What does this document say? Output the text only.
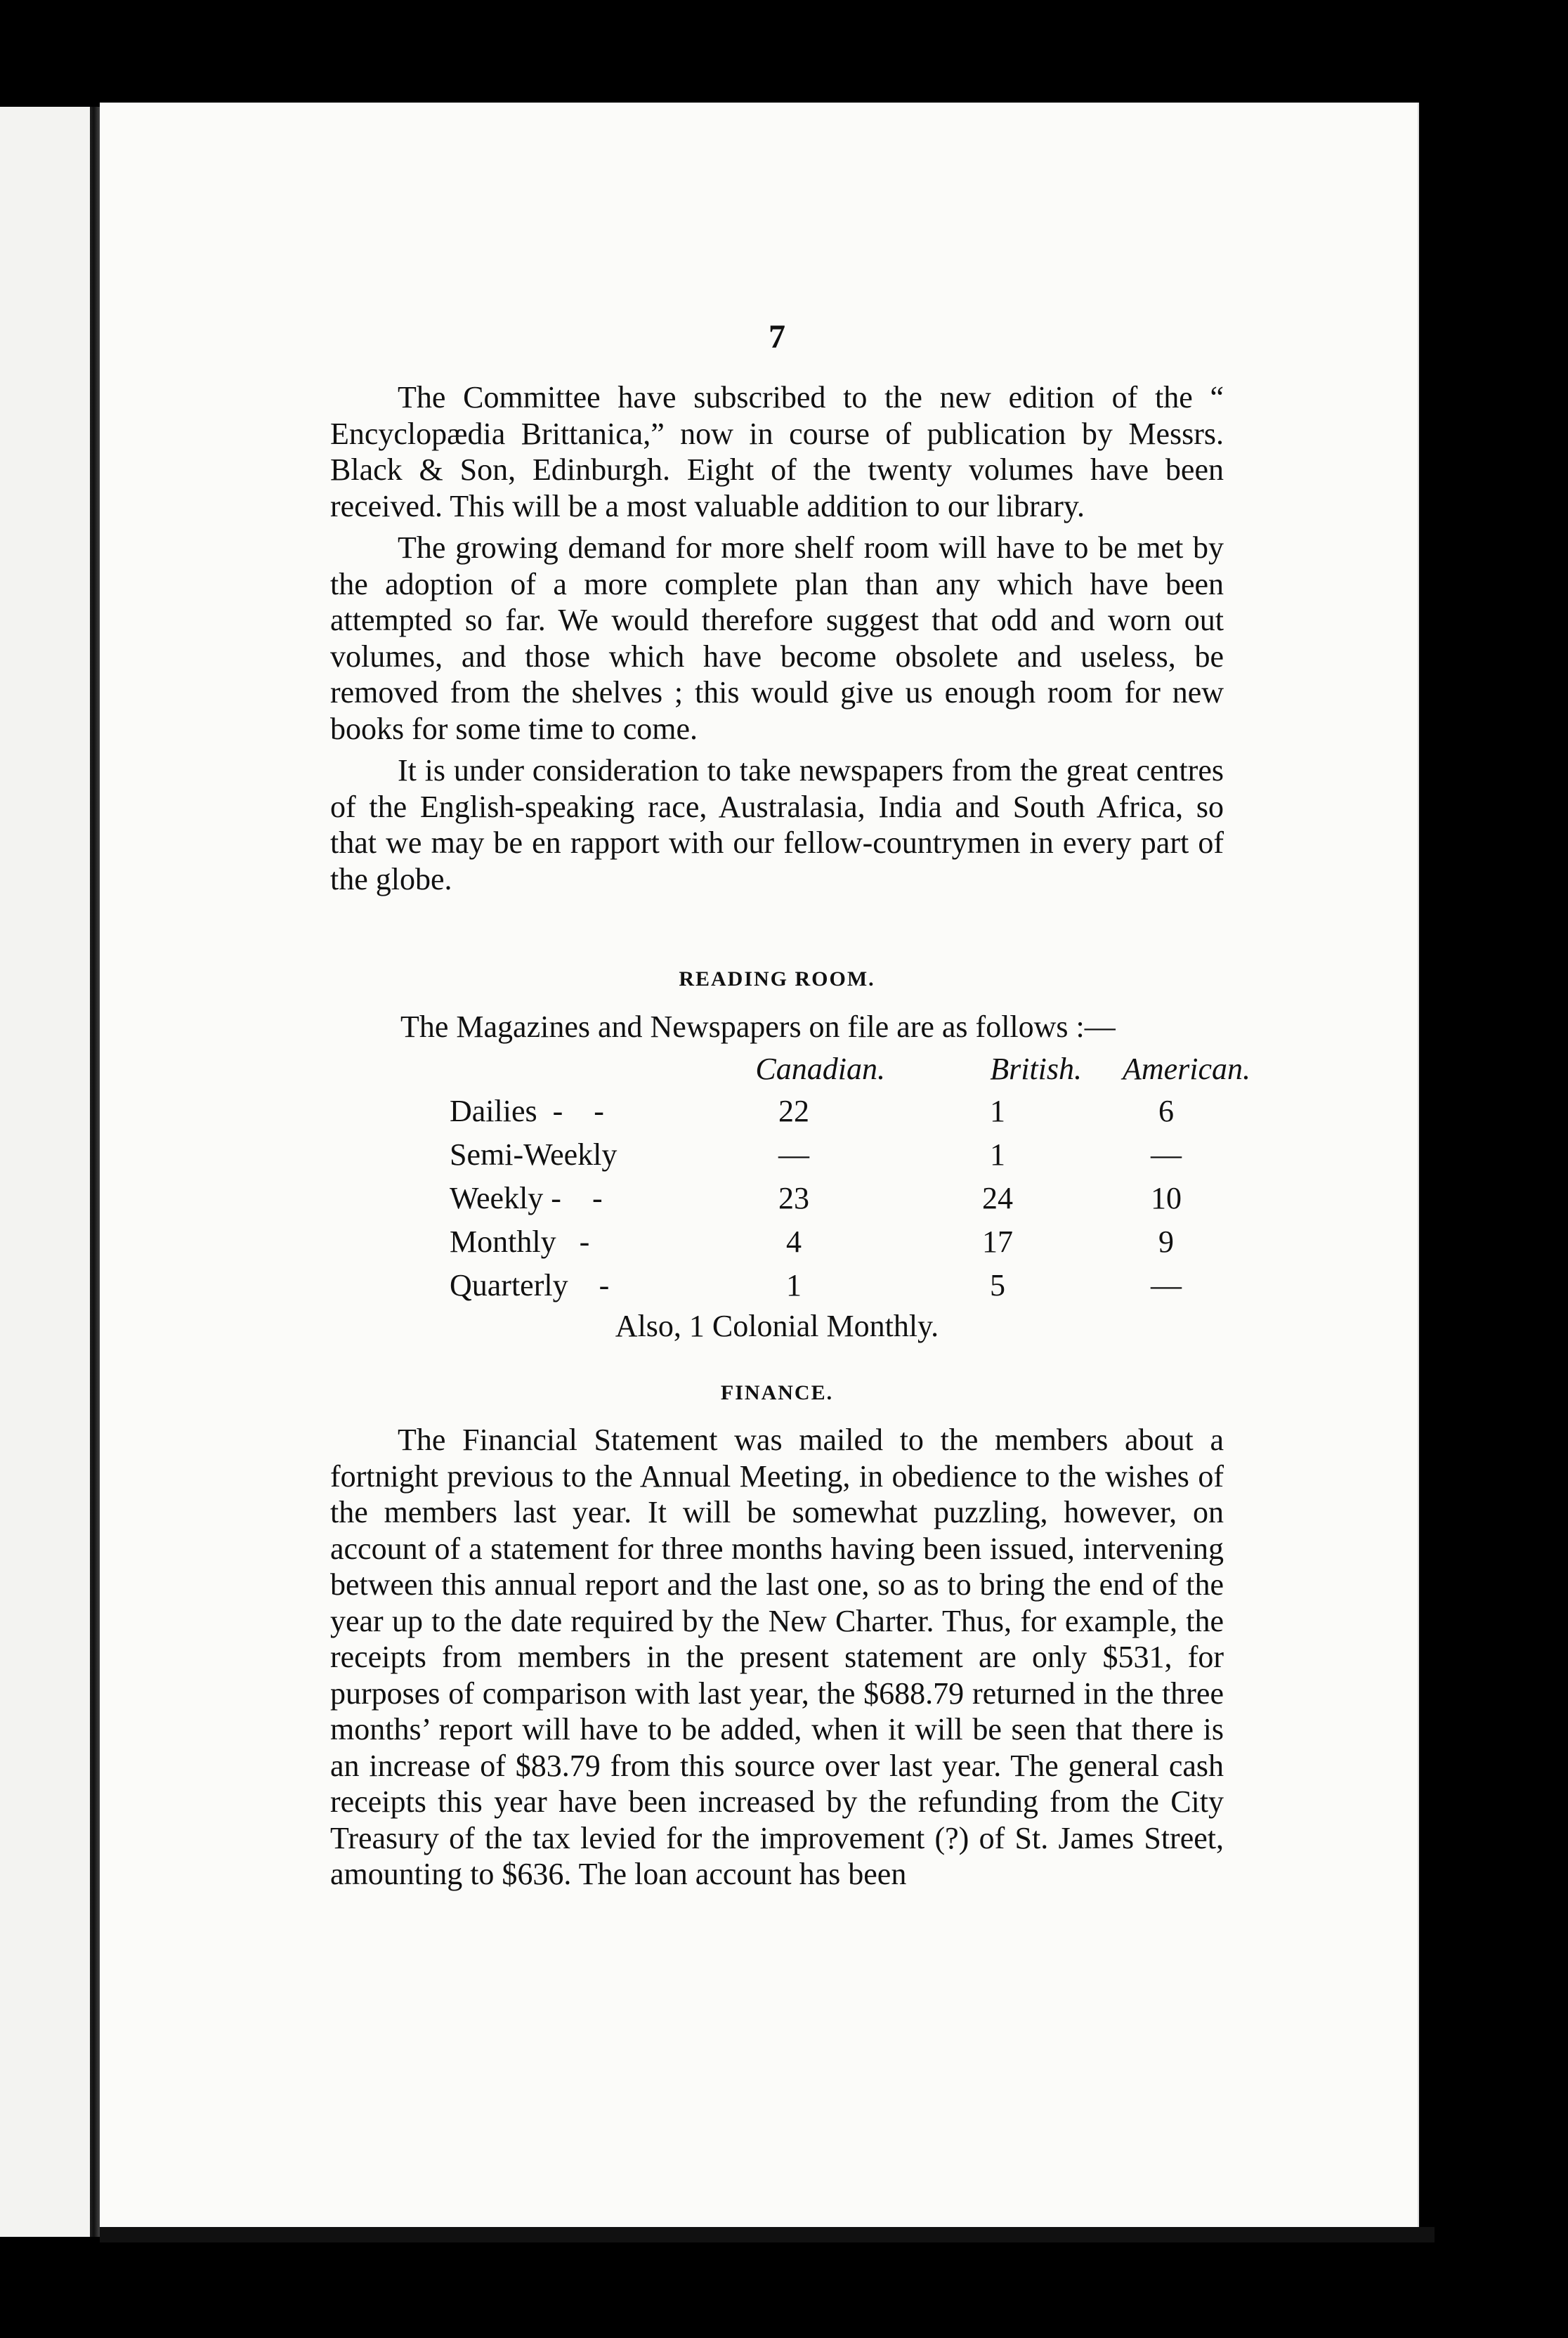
7

The Committee have subscribed to the new edition of the “ Encyclopædia Brittanica,” now in course of publication by Messrs. Black & Son, Edinburgh. Eight of the twenty volumes have been received. This will be a most valuable addition to our library.

The growing demand for more shelf room will have to be met by the adoption of a more complete plan than any which have been attempted so far. We would therefore suggest that odd and worn out volumes, and those which have become obsolete and useless, be removed from the shelves ; this would give us enough room for new books for some time to come.

It is under consideration to take newspapers from the great centres of the English-speaking race, Australasia, India and South Africa, so that we may be en rapport with our fellow-countrymen in every part of the globe.

READING ROOM.
The Magazines and Newspapers on file are as follows :—
	Canadian.	British.	American.
Dailies  -    -	22	1	6
Semi-Weekly	—	1	—
Weekly -    -	23	24	10
Monthly   -	4	17	9
Quarterly    -	1	5	—
Also, 1 Colonial Monthly.
FINANCE.

The Financial Statement was mailed to the members about a fortnight previous to the Annual Meeting, in obedience to the wishes of the members last year. It will be somewhat puzzling, however, on account of a statement for three months having been issued, intervening between this annual report and the last one, so as to bring the end of the year up to the date required by the New Charter. Thus, for example, the receipts from members in the present statement are only $531, for purposes of comparison with last year, the $688.79 returned in the three months’ report will have to be added, when it will be seen that there is an increase of $83.79 from this source over last year. The general cash receipts this year have been increased by the refunding from the City Treasury of the tax levied for the improvement (?) of St. James Street, amounting to $636. The loan account has been
